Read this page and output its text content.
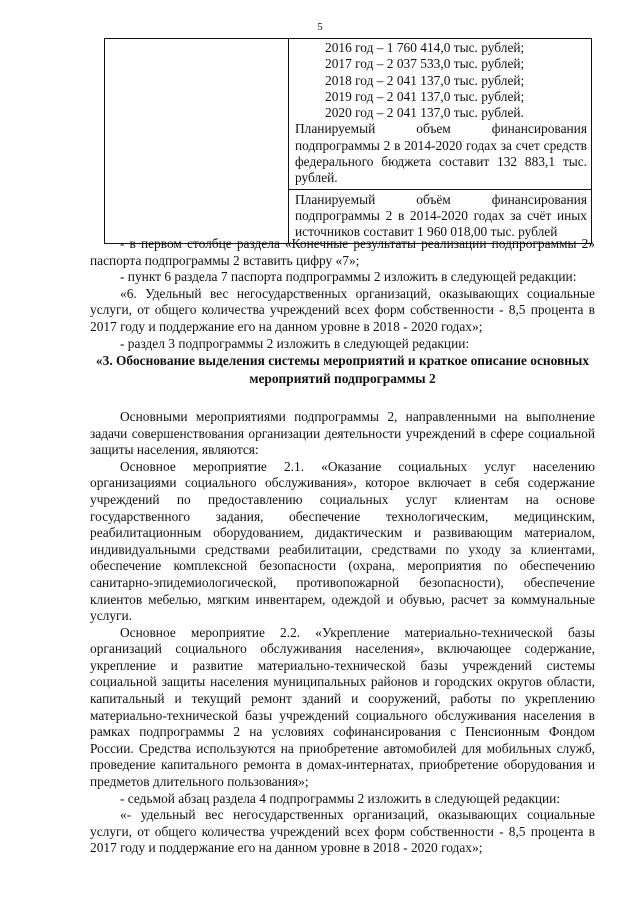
5

2016 год – 1 760 414,0 тыс. рублей;
2017 год – 2 037 533,0 тыс. рублей;
2018 год – 2 041 137,0 тыс. рублей;
2019 год – 2 041 137,0 тыс. рублей;
2020 год – 2 041 137,0 тыс. рублей.
Планируемый объем финансирования подпрограммы 2 в 2014-2020 годах за счет средств федерального бюджета составит 132 883,1 тыс. рублей.
Планируемый объём финансирования подпрограммы 2 в 2014-2020 годах за счёт иных источников составит 1 960 018,00 тыс. рублей

- в первом столбце раздела «Конечные результаты реализации подпрограммы 2» паспорта подпрограммы 2 вставить цифру «7»;

- пункт 6 раздела 7 паспорта подпрограммы 2 изложить в следующей редакции:

«6. Удельный вес негосударственных организаций, оказывающих социальные услуги, от общего количества учреждений всех форм собственности - 8,5 процента в 2017 году и поддержание его на данном уровне в 2018 - 2020 годах»;

- раздел 3 подпрограммы 2 изложить в следующей редакции:

«3. Обоснование выделения системы мероприятий и краткое описание основных мероприятий подпрограммы 2

Основными мероприятиями подпрограммы 2, направленными на выполнение задачи совершенствования организации деятельности учреждений в сфере социальной защиты населения, являются:

Основное мероприятие 2.1. «Оказание социальных услуг населению организациями социального обслуживания», которое включает в себя содержание учреждений по предоставлению социальных услуг клиентам на основе государственного задания, обеспечение технологическим, медицинским, реабилитационным оборудованием, дидактическим и развивающим материалом, индивидуальными средствами реабилитации, средствами по уходу за клиентами, обеспечение комплексной безопасности (охрана, мероприятия по обеспечению санитарно-эпидемиологической, противопожарной безопасности), обеспечение клиентов мебелью, мягким инвентарем, одеждой и обувью, расчет за коммунальные услуги.

Основное мероприятие 2.2. «Укрепление материально-технической базы организаций социального обслуживания населения», включающее содержание, укрепление и развитие материально-технической базы учреждений системы социальной защиты населения муниципальных районов и городских округов области, капитальный и текущий ремонт зданий и сооружений, работы по укреплению материально-технической базы учреждений социального обслуживания населения в рамках подпрограммы 2 на условиях софинансирования с Пенсионным Фондом России. Средства используются на приобретение автомобилей для мобильных служб, проведение капитального ремонта в домах-интернатах, приобретение оборудования и предметов длительного пользования»;

- седьмой абзац раздела 4 подпрограммы 2 изложить в следующей редакции:

«- удельный вес негосударственных организаций, оказывающих социальные услуги, от общего количества учреждений всех форм собственности - 8,5 процента в 2017 году и поддержание его на данном уровне в 2018 - 2020 годах»;
